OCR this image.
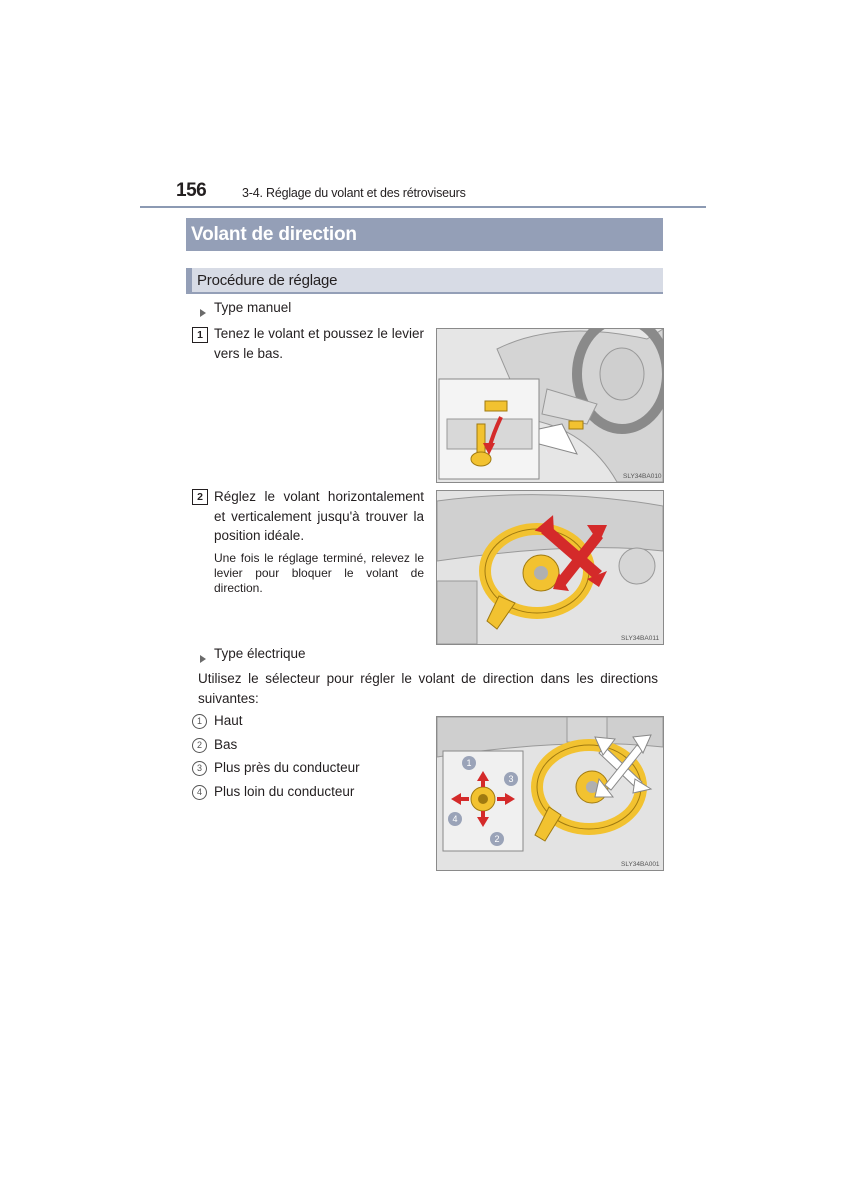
156	3-4. Réglage du volant et des rétroviseurs
Volant de direction
Procédure de réglage
Type manuel
1 Tenez le volant et poussez le levier vers le bas.
SLY34BA010
2 Réglez le volant horizontalement et verticalement jusqu'à trouver la position idéale.
Une fois le réglage terminé, relevez le levier pour bloquer le volant de direction.
SLY34BA011
Type électrique
Utilisez le sélecteur pour régler le volant de direction dans les directions suivantes:
1 Haut
2 Bas
3 Plus près du conducteur
4 Plus loin du conducteur
1
3
4
2
SLY34BA001
